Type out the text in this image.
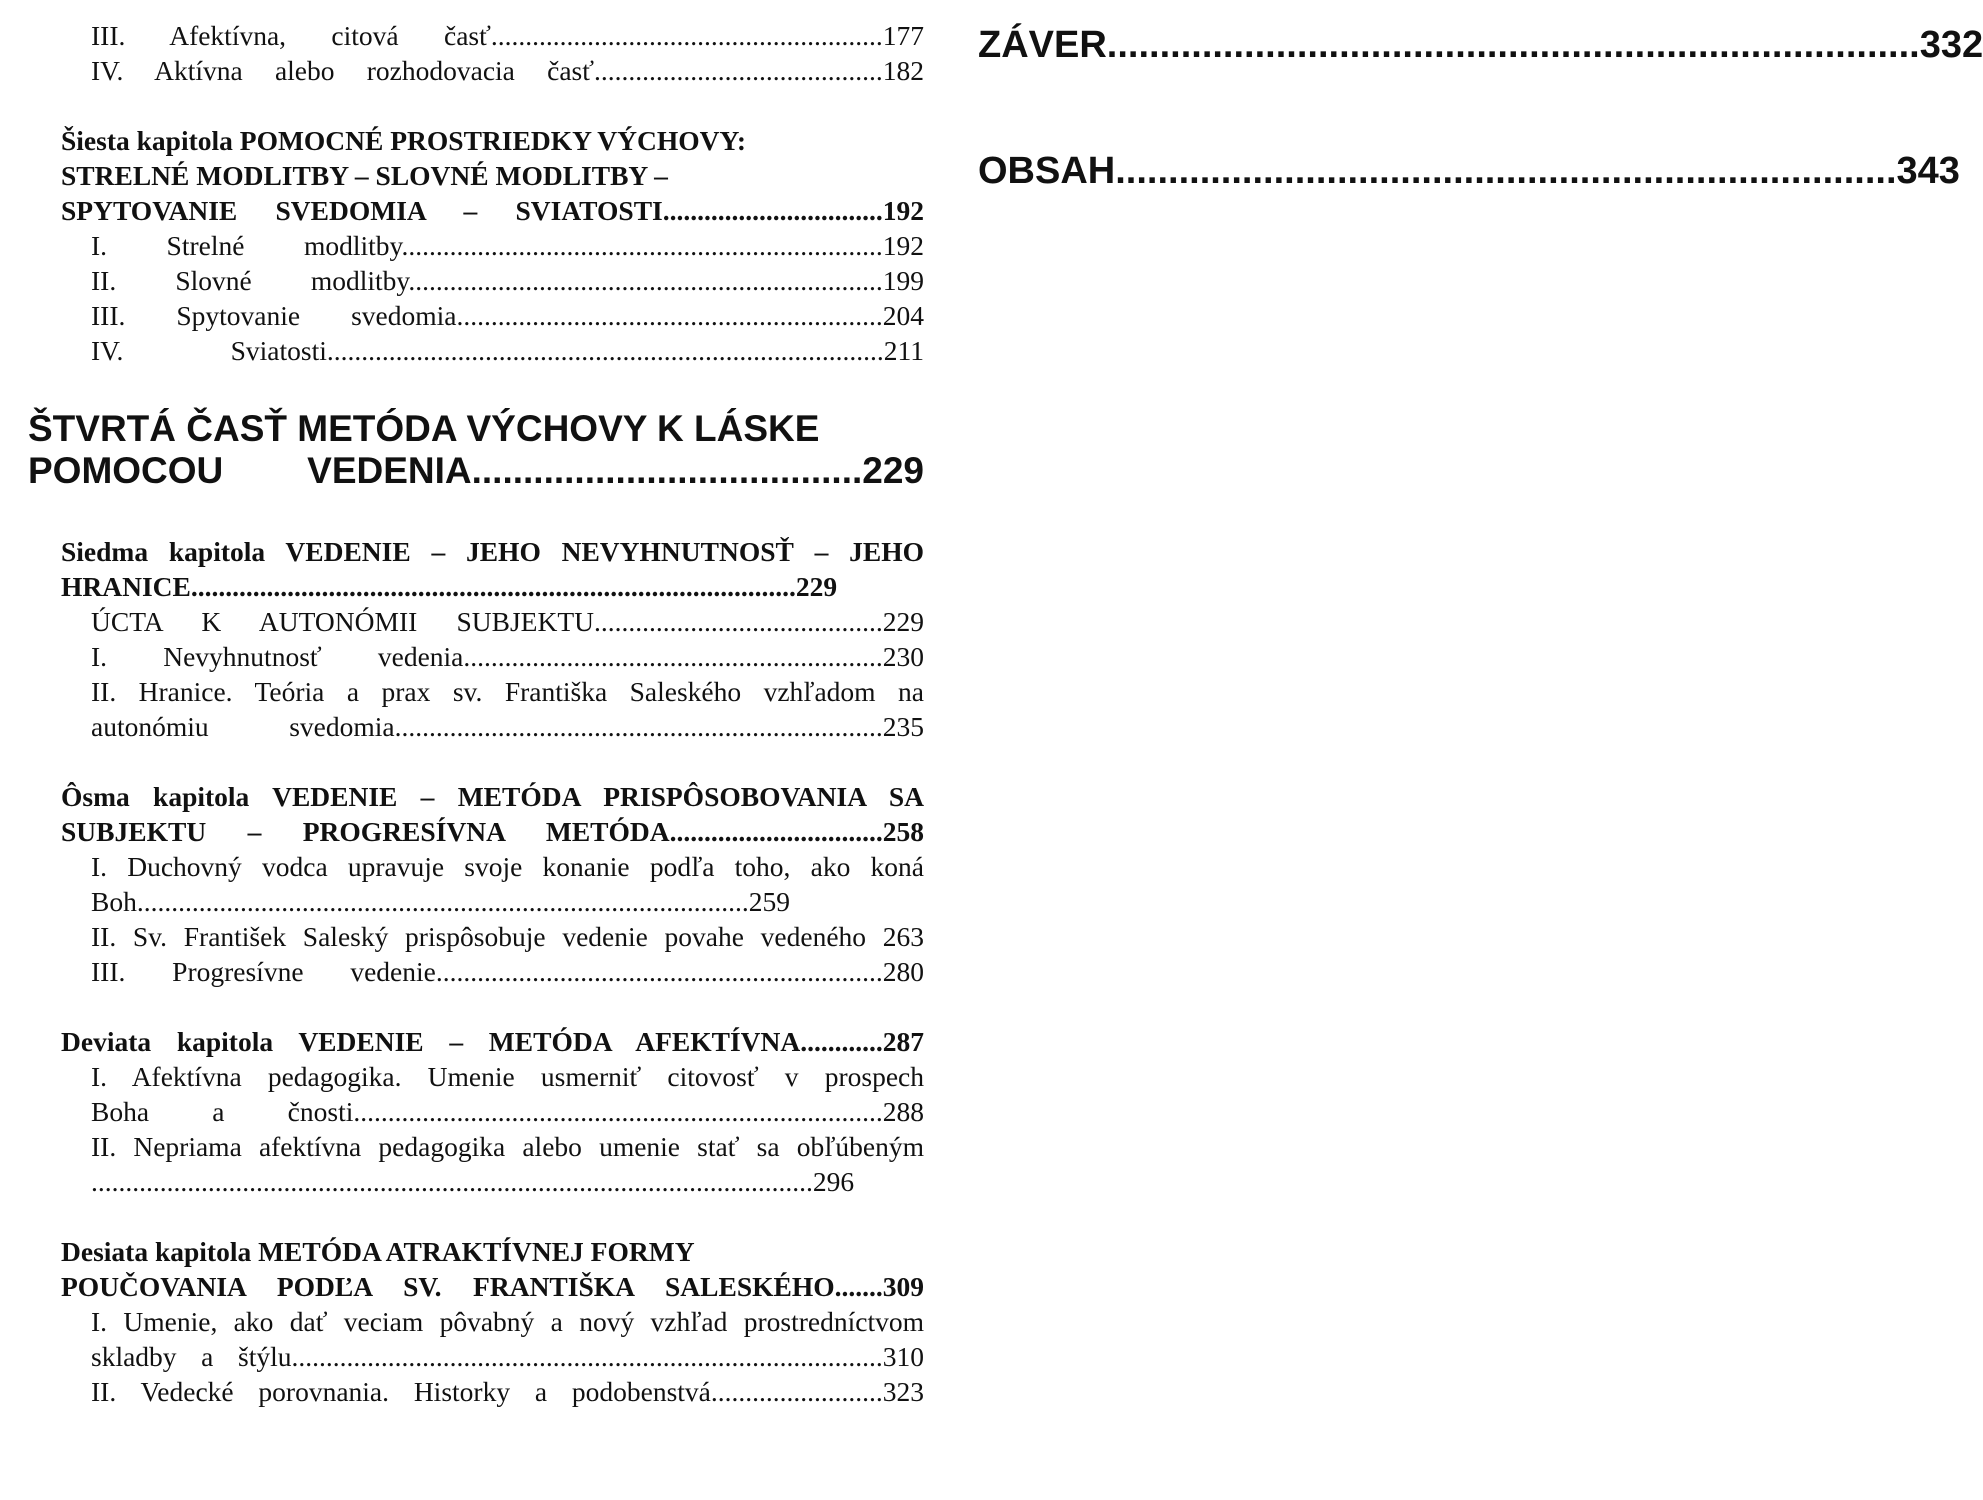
III. Afektívna, citová časť.........................................................177
IV. Aktívna alebo rozhodovacia časť..........................................182
Šiesta kapitola POMOCNÉ PROSTRIEDKY VÝCHOVY:
STRELNÉ MODLITBY – SLOVNÉ MODLITBY –
SPYTOVANIE SVEDOMIA – SVIATOSTI................................192
I. Strelné modlitby......................................................................192
II. Slovné modlitby.....................................................................199
III. Spytovanie svedomia..............................................................204
IV. Sviatosti.................................................................................211
ŠTVRTÁ ČASŤ METÓDA VÝCHOVY K LÁSKE
POMOCOU VEDENIA......................................229
Siedma kapitola VEDENIE – JEHO NEVYHNUTNOSŤ – JEHO
HRANICE........................................................................................229
ÚCTA K AUTONÓMII SUBJEKTU..........................................229
I. Nevyhnutnosť vedenia.............................................................230
II. Hranice. Teória a prax sv. Františka Saleského vzhľadom na
autonómiu svedomia.......................................................................235
Ôsma kapitola VEDENIE – METÓDA PRISPÔSOBOVANIA SA
SUBJEKTU – PROGRESÍVNA METÓDA...............................258
I. Duchovný vodca upravuje svoje konanie podľa toho, ako koná
Boh.........................................................................................259
II. Sv. František Saleský prispôsobuje vedenie povahe vedeného 263
III. Progresívne vedenie.................................................................280
Deviata kapitola VEDENIE – METÓDA AFEKTÍVNA............287
I. Afektívna pedagogika. Umenie usmerniť citovosť v prospech
Boha a čnosti.............................................................................288
II. Nepriama afektívna pedagogika alebo umenie stať sa obľúbeným
.........................................................................................................296
Desiata kapitola METÓDA ATRAKTÍVNEJ FORMY
POUČOVANIA PODĽA SV. FRANTIŠKA SALESKÉHO.......309
I. Umenie, ako dať veciam pôvabný a nový vzhľad prostredníctvom
skladby a štýlu......................................................................................310
II. Vedecké porovnania. Historky a podobenstvá.........................323
ZÁVER.............................................................................332
OBSAH..........................................................................343
